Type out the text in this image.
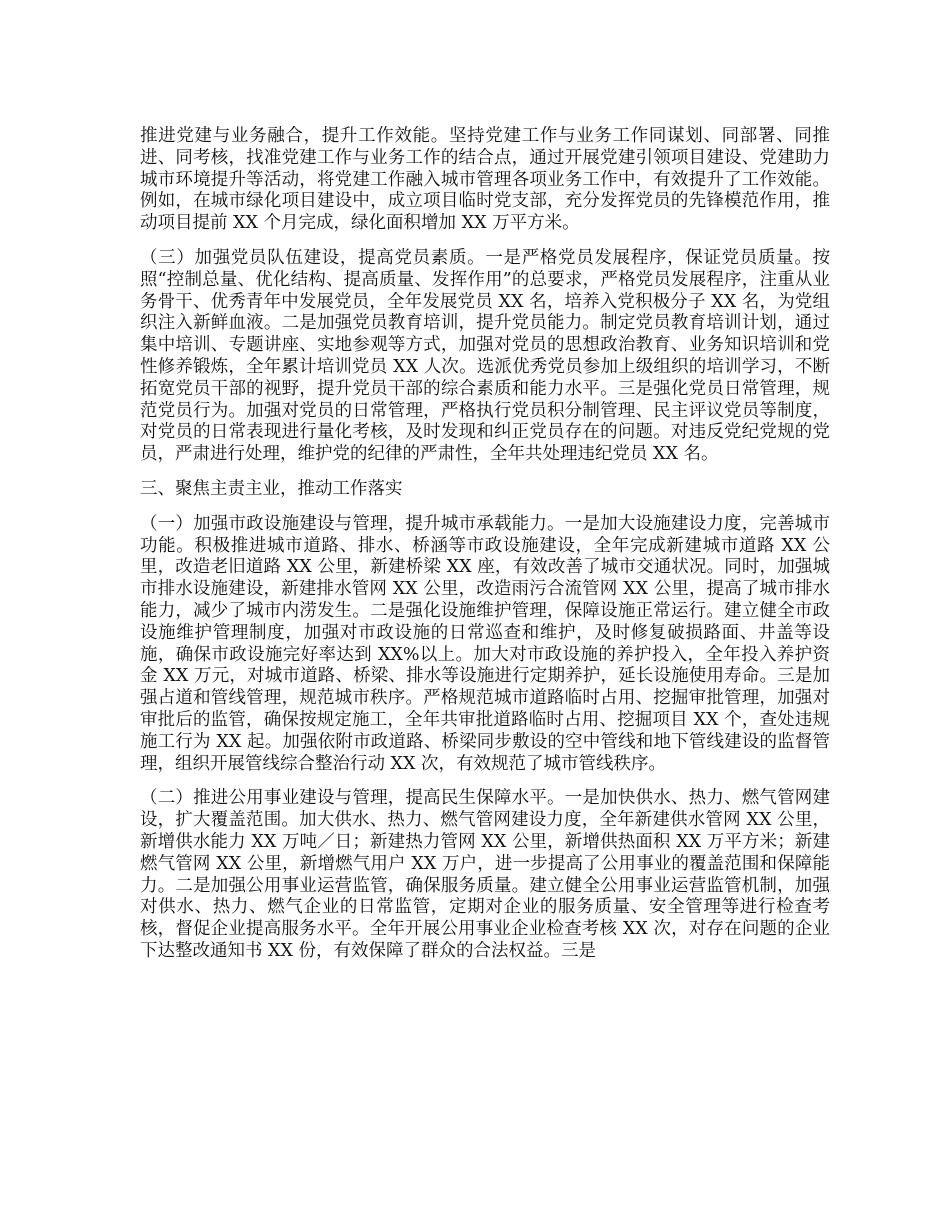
推进党建与业务融合，提升工作效能。坚持党建工作与业务工作同谋划、同部署、同推进、同考核，找准党建工作与业务工作的结合点，通过开展党建引领项目建设、党建助力城市环境提升等活动，将党建工作融入城市管理各项业务工作中，有效提升了工作效能。例如，在城市绿化项目建设中，成立项目临时党支部，充分发挥党员的先锋模范作用，推动项目提前 XX 个月完成，绿化面积增加 XX 万平方米。

（三）加强党员队伍建设，提高党员素质。一是严格党员发展程序，保证党员质量。按照“控制总量、优化结构、提高质量、发挥作用”的总要求，严格党员发展程序，注重从业务骨干、优秀青年中发展党员，全年发展党员 XX 名，培养入党积极分子 XX 名，为党组织注入新鲜血液。二是加强党员教育培训，提升党员能力。制定党员教育培训计划，通过集中培训、专题讲座、实地参观等方式，加强对党员的思想政治教育、业务知识培训和党性修养锻炼，全年累计培训党员 XX 人次。选派优秀党员参加上级组织的培训学习，不断拓宽党员干部的视野，提升党员干部的综合素质和能力水平。三是强化党员日常管理，规范党员行为。加强对党员的日常管理，严格执行党员积分制管理、民主评议党员等制度，对党员的日常表现进行量化考核，及时发现和纠正党员存在的问题。对违反党纪党规的党员，严肃进行处理，维护党的纪律的严肃性，全年共处理违纪党员 XX 名。

三、聚焦主责主业，推动工作落实

（一）加强市政设施建设与管理，提升城市承载能力。一是加大设施建设力度，完善城市功能。积极推进城市道路、排水、桥涵等市政设施建设，全年完成新建城市道路 XX 公里，改造老旧道路 XX 公里，新建桥梁 XX 座，有效改善了城市交通状况。同时，加强城市排水设施建设，新建排水管网 XX 公里，改造雨污合流管网 XX 公里，提高了城市排水能力，减少了城市内涝发生。二是强化设施维护管理，保障设施正常运行。建立健全市政设施维护管理制度，加强对市政设施的日常巡查和维护，及时修复破损路面、井盖等设施，确保市政设施完好率达到 XX%以上。加大对市政设施的养护投入，全年投入养护资金 XX 万元，对城市道路、桥梁、排水等设施进行定期养护，延长设施使用寿命。三是加强占道和管线管理，规范城市秩序。严格规范城市道路临时占用、挖掘审批管理，加强对审批后的监管，确保按规定施工，全年共审批道路临时占用、挖掘项目 XX 个，查处违规施工行为 XX 起。加强依附市政道路、桥梁同步敷设的空中管线和地下管线建设的监督管理，组织开展管线综合整治行动 XX 次，有效规范了城市管线秩序。

（二）推进公用事业建设与管理，提高民生保障水平。一是加快供水、热力、燃气管网建设，扩大覆盖范围。加大供水、热力、燃气管网建设力度，全年新建供水管网 XX 公里，新增供水能力 XX 万吨／日；新建热力管网 XX 公里，新增供热面积 XX 万平方米；新建燃气管网 XX 公里，新增燃气用户 XX 万户，进一步提高了公用事业的覆盖范围和保障能力。二是加强公用事业运营监管，确保服务质量。建立健全公用事业运营监管机制，加强对供水、热力、燃气企业的日常监管，定期对企业的服务质量、安全管理等进行检查考核，督促企业提高服务水平。全年开展公用事业企业检查考核 XX 次，对存在问题的企业下达整改通知书 XX 份，有效保障了群众的合法权益。三是
